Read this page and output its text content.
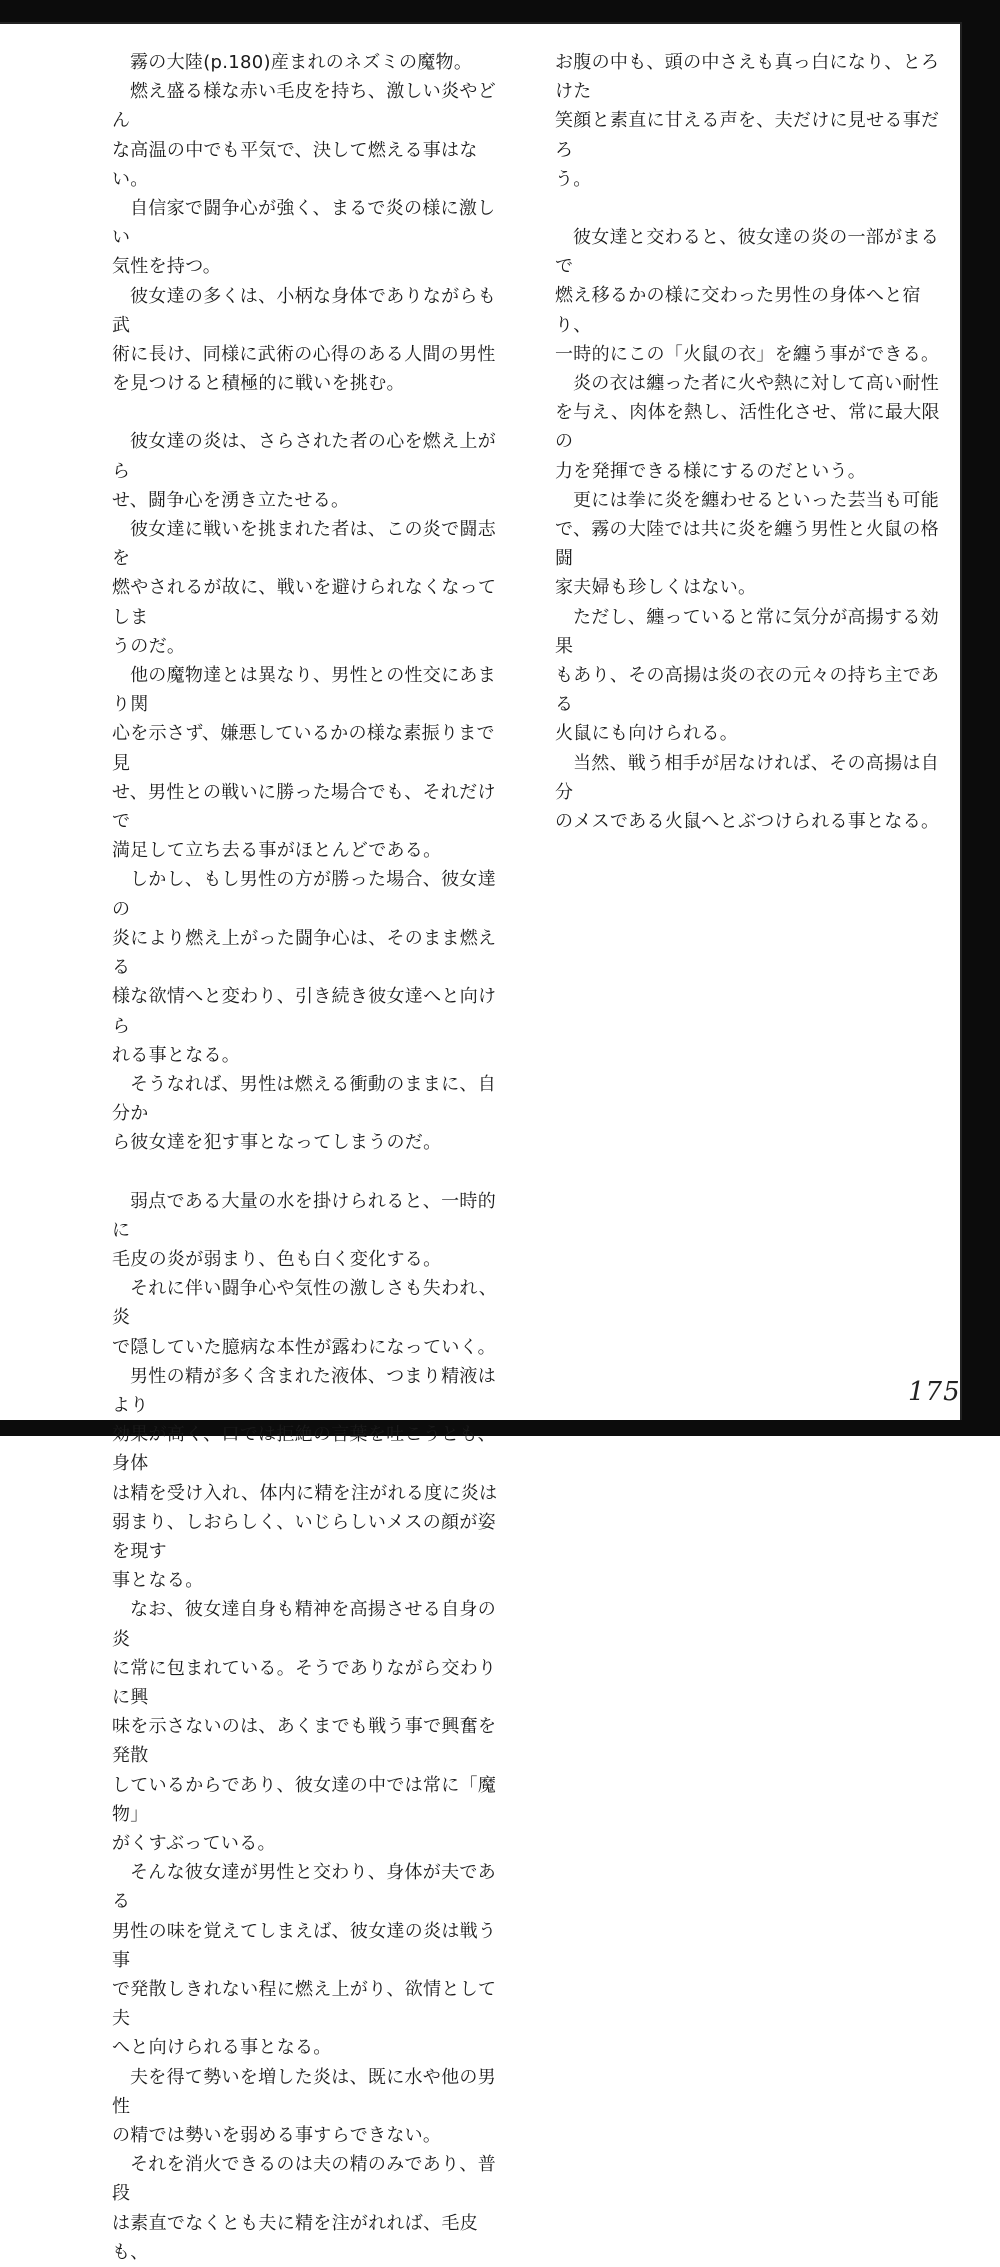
霧の大陸(p.180)産まれのネズミの魔物。

燃え盛る様な赤い毛皮を持ち、激しい炎やどん
な高温の中でも平気で、決して燃える事はない。

自信家で闘争心が強く、まるで炎の様に激しい
気性を持つ。

彼女達の多くは、小柄な身体でありながらも武
術に長け、同様に武術の心得のある人間の男性
を見つけると積極的に戦いを挑む。

彼女達の炎は、さらされた者の心を燃え上がら
せ、闘争心を湧き立たせる。

彼女達に戦いを挑まれた者は、この炎で闘志を
燃やされるが故に、戦いを避けられなくなってしま
うのだ。

他の魔物達とは異なり、男性との性交にあまり関
心を示さず、嫌悪しているかの様な素振りまで見
せ、男性との戦いに勝った場合でも、それだけで
満足して立ち去る事がほとんどである。

しかし、もし男性の方が勝った場合、彼女達の
炎により燃え上がった闘争心は、そのまま燃える
様な欲情へと変わり、引き続き彼女達へと向けら
れる事となる。

そうなれば、男性は燃える衝動のままに、自分か
ら彼女達を犯す事となってしまうのだ。

弱点である大量の水を掛けられると、一時的に
毛皮の炎が弱まり、色も白く変化する。

それに伴い闘争心や気性の激しさも失われ、炎
で隠していた臆病な本性が露わになっていく。

男性の精が多く含まれた液体、つまり精液はより
効果が高く、口では拒絶の言葉を吐こうとも、身体
は精を受け入れ、体内に精を注がれる度に炎は
弱まり、しおらしく、いじらしいメスの顔が姿を現す
事となる。

なお、彼女達自身も精神を高揚させる自身の炎
に常に包まれている。そうでありながら交わりに興
味を示さないのは、あくまでも戦う事で興奮を発散
しているからであり、彼女達の中では常に「魔物」
がくすぶっている。

そんな彼女達が男性と交わり、身体が夫である
男性の味を覚えてしまえば、彼女達の炎は戦う事
で発散しきれない程に燃え上がり、欲情として夫
へと向けられる事となる。

夫を得て勢いを増した炎は、既に水や他の男性
の精では勢いを弱める事すらできない。

それを消火できるのは夫の精のみであり、普段
は素直でなくとも夫に精を注がれれば、毛皮も、

お腹の中も、頭の中さえも真っ白になり、とろけた
笑顔と素直に甘える声を、夫だけに見せる事だろ
う。

彼女達と交わると、彼女達の炎の一部がまるで
燃え移るかの様に交わった男性の身体へと宿り、
一時的にこの「火鼠の衣」を纏う事ができる。

炎の衣は纏った者に火や熱に対して高い耐性
を与え、肉体を熱し、活性化させ、常に最大限の
力を発揮できる様にするのだという。

更には拳に炎を纏わせるといった芸当も可能
で、霧の大陸では共に炎を纏う男性と火鼠の格闘
家夫婦も珍しくはない。

ただし、纏っていると常に気分が高揚する効果
もあり、その高揚は炎の衣の元々の持ち主である
火鼠にも向けられる。

当然、戦う相手が居なければ、その高揚は自分
のメスである火鼠へとぶつけられる事となる。

175
